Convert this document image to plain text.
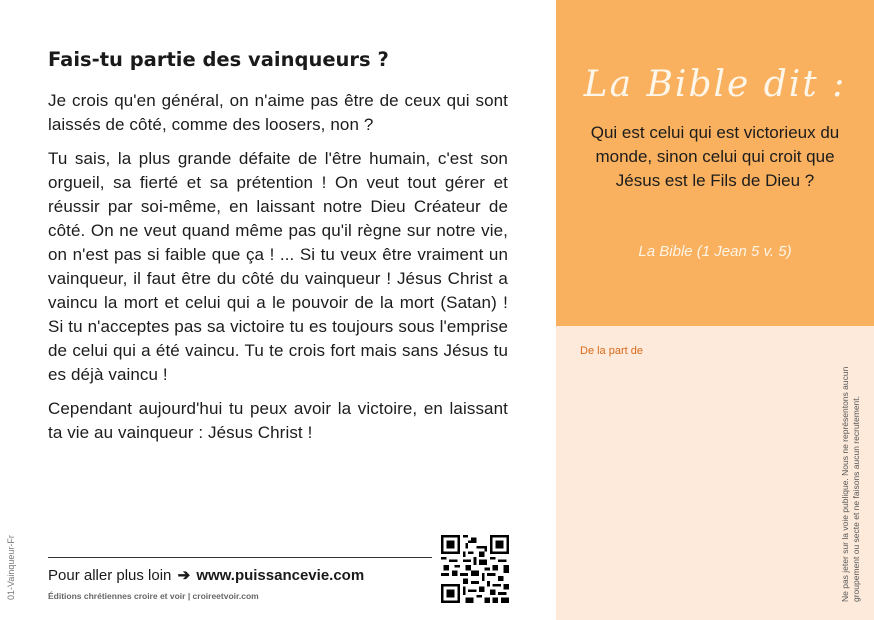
01-Vainqueur-Fr
Fais-tu partie des vainqueurs ?

Je crois qu'en général, on n'aime pas être de ceux qui sont laissés de côté, comme des loosers, non ?

Tu sais, la plus grande défaite de l'être humain, c'est son orgueil, sa fierté et sa prétention ! On veut tout gérer et réussir par soi-même, en laissant notre Dieu Créateur de côté. On ne veut quand même pas qu'il règne sur notre vie, on n'est pas si faible que ça ! ... Si tu veux être vraiment un vainqueur, il faut être du côté du vainqueur ! Jésus Christ a vaincu la mort et celui qui a le pouvoir de la mort (Satan) ! Si tu n'acceptes pas sa victoire tu es toujours sous l'emprise de celui qui a été vaincu. Tu te crois fort mais sans Jésus tu es déjà vaincu !

Cependant aujourd'hui tu peux avoir la victoire, en laissant ta vie au vainqueur : Jésus Christ !

Pour aller plus loin ➔ www.puissancevie.com
Éditions chrétiennes croire et voir | croireetvoir.com
La Bible dit :

Qui est celui qui est victorieux du monde, sinon celui qui croit que Jésus est le Fils de Dieu ?

La Bible (1 Jean 5 v. 5)
De la part de
Ne pas jeter sur la voie publique. Nous ne représentons aucun groupement ou secte et ne faisons aucun recrutement.
